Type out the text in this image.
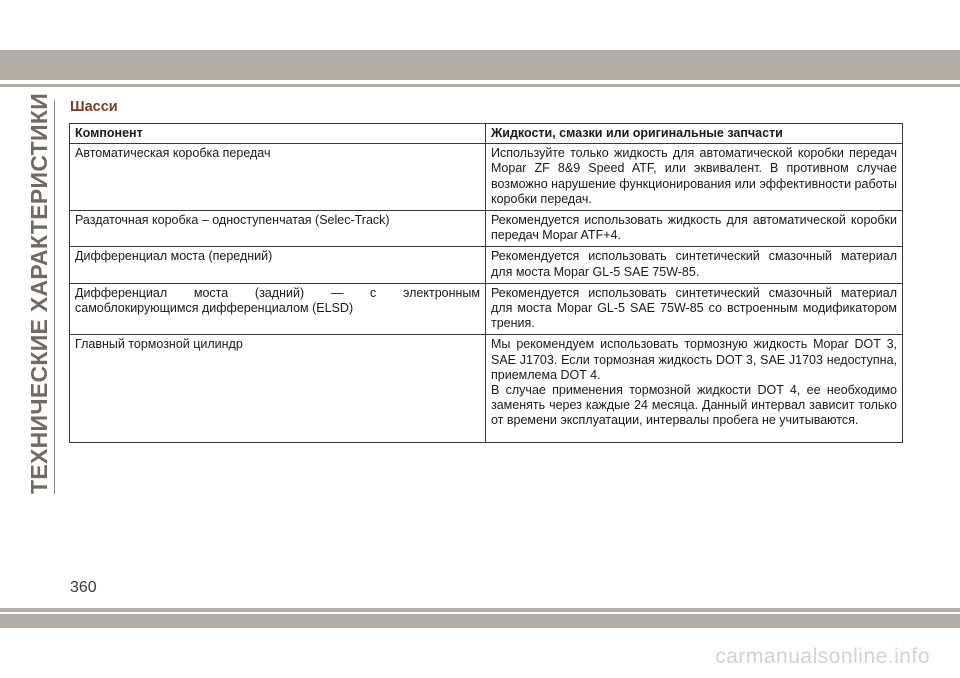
ТЕХНИЧЕСКИЕ ХАРАКТЕРИСТИКИ Шасси
Компонент	Жидкости, смазки или оригинальные запчасти
Автоматическая коробка передач	Используйте только жидкость для автоматической коробки передач Mopar ZF 8&9 Speed ATF, или эквивалент. В противном случае возможно нарушение функционирования или эффективности работы коробки передач.
Раздаточная коробка – одноступенчатая (Selec-Track)	Рекомендуется использовать жидкость для автоматической коробки передач Mopar ATF+4.
Дифференциал моста (передний)	Рекомендуется использовать синтетический смазочный материал для моста Mopar GL-5 SAE 75W-85.
Дифференциал моста (задний) — с электронным самоблокирующимся дифференциалом (ELSD)	Рекомендуется использовать синтетический смазочный материал для моста Mopar GL-5 SAE 75W-85 со встроенным модификатором трения.
Главный тормозной цилиндр	Мы рекомендуем использовать тормозную жидкость Mopar DOT 3, SAE J1703. Если тормозная жидкость DOT 3, SAE J1703 недоступна, приемлема DOT 4.
В случае применения тормозной жидкости DOT 4, ее необходимо заменять через каждые 24 месяца. Данный интервал зависит только от времени эксплуатации, интервалы пробега не учитываются.
360
carmanualsonline.info
